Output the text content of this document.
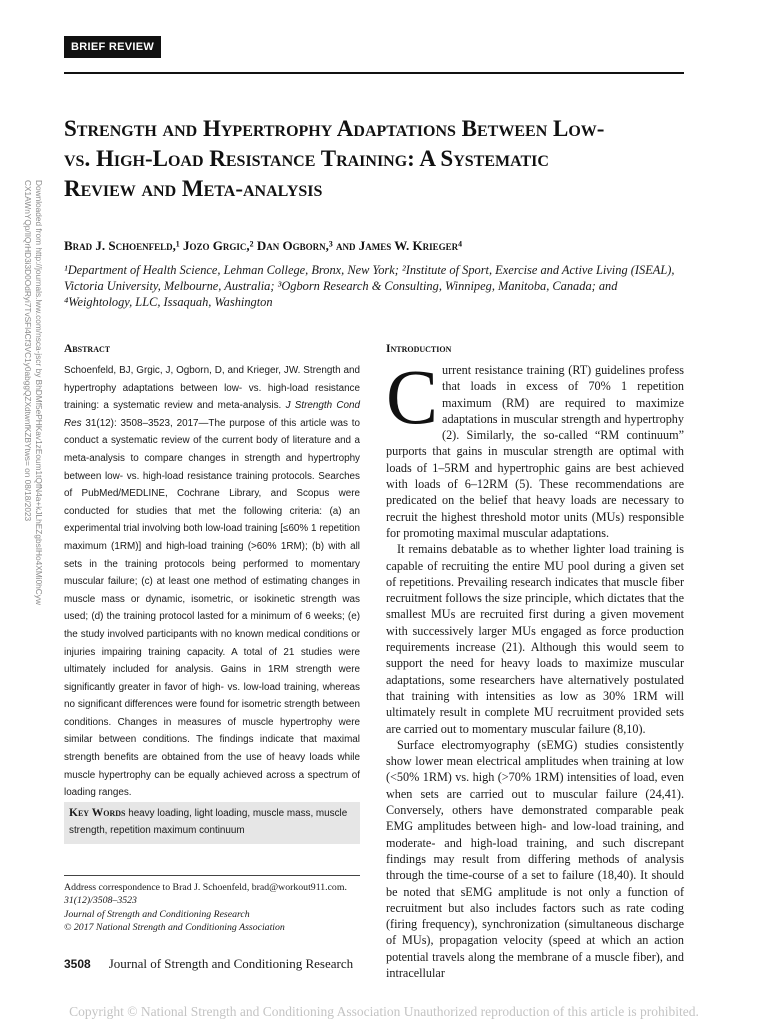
BRIEF REVIEW
Downloaded from http://journals.lww.com/nsca-jscr by BhDMf5ePHKav1zEoum1tQfN4a+kJLhEZgbsIHo4XMi0hCyw
CX1AWnYQp/IlQrHD3i3D0OdRyi7TvSFl4Cf3VC1y0abggQZXdtwnfKZBYtws= on 08/18/2023
Strength and Hypertrophy Adaptations Between Low- vs. High-Load Resistance Training: A Systematic Review and Meta-analysis
Brad J. Schoenfeld,¹ Jozo Grgic,² Dan Ogborn,³ and James W. Krieger⁴
¹Department of Health Science, Lehman College, Bronx, New York; ²Institute of Sport, Exercise and Active Living (ISEAL), Victoria University, Melbourne, Australia; ³Ogborn Research & Consulting, Winnipeg, Manitoba, Canada; and ⁴Weightology, LLC, Issaquah, Washington
Abstract

Schoenfeld, BJ, Grgic, J, Ogborn, D, and Krieger, JW. Strength and hypertrophy adaptations between low- vs. high-load resistance training: a systematic review and meta-analysis. J Strength Cond Res 31(12): 3508–3523, 2017—The purpose of this article was to conduct a systematic review of the current body of literature and a meta-analysis to compare changes in strength and hypertrophy between low- vs. high-load resistance training protocols. Searches of PubMed/MEDLINE, Cochrane Library, and Scopus were conducted for studies that met the following criteria: (a) an experimental trial involving both low-load training [≤60% 1 repetition maximum (1RM)] and high-load training (>60% 1RM); (b) with all sets in the training protocols being performed to momentary muscular failure; (c) at least one method of estimating changes in muscle mass or dynamic, isometric, or isokinetic strength was used; (d) the training protocol lasted for a minimum of 6 weeks; (e) the study involved participants with no known medical conditions or injuries impairing training capacity. A total of 21 studies were ultimately included for analysis. Gains in 1RM strength were significantly greater in favor of high- vs. low-load training, whereas no significant differences were found for isometric strength between conditions. Changes in measures of muscle hypertrophy were similar between conditions. The findings indicate that maximal strength benefits are obtained from the use of heavy loads while muscle hypertrophy can be equally achieved across a spectrum of loading ranges.

Key Words heavy loading, light loading, muscle mass, muscle strength, repetition maximum continuum
Address correspondence to Brad J. Schoenfeld, brad@workout911.com.
31(12)/3508–3523
Journal of Strength and Conditioning Research
© 2017 National Strength and Conditioning Association
Introduction

Current resistance training (RT) guidelines profess that loads in excess of 70% 1 repetition maximum (RM) are required to maximize adaptations in muscular strength and hypertrophy (2). Similarly, the so-called “RM continuum” purports that gains in muscular strength are optimal with loads of 1–5RM and hypertrophic gains are best achieved with loads of 6–12RM (5). These recommendations are predicated on the belief that heavy loads are necessary to recruit the highest threshold motor units (MUs) responsible for promoting maximal muscular adaptations.

It remains debatable as to whether lighter load training is capable of recruiting the entire MU pool during a given set of repetitions. Prevailing research indicates that muscle fiber recruitment follows the size principle, which dictates that the smallest MUs are recruited first during a given movement with successively larger MUs engaged as force production requirements increase (21). Although this would seem to support the need for heavy loads to maximize muscular adaptations, some researchers have alternatively postulated that training with intensities as low as 30% 1RM will ultimately result in complete MU recruitment provided sets are carried out to momentary muscular failure (8,10).

Surface electromyography (sEMG) studies consistently show lower mean electrical amplitudes when training at low (<50% 1RM) vs. high (>70% 1RM) intensities of load, even when sets are carried out to muscular failure (24,41). Conversely, others have demonstrated comparable peak EMG amplitudes between high- and low-load training, and moderate- and high-load training, and such discrepant findings may result from differing methods of analysis through the time-course of a set to failure (18,40). It should be noted that sEMG amplitude is not only a function of recruitment but also includes factors such as rate coding (firing frequency), synchronization (simultaneous discharge of MUs), propagation velocity (speed at which an action potential travels along the membrane of a muscle fiber), and intracellular

3508 Journal of Strength and Conditioning Research
Copyright © National Strength and Conditioning Association Unauthorized reproduction of this article is prohibited.
